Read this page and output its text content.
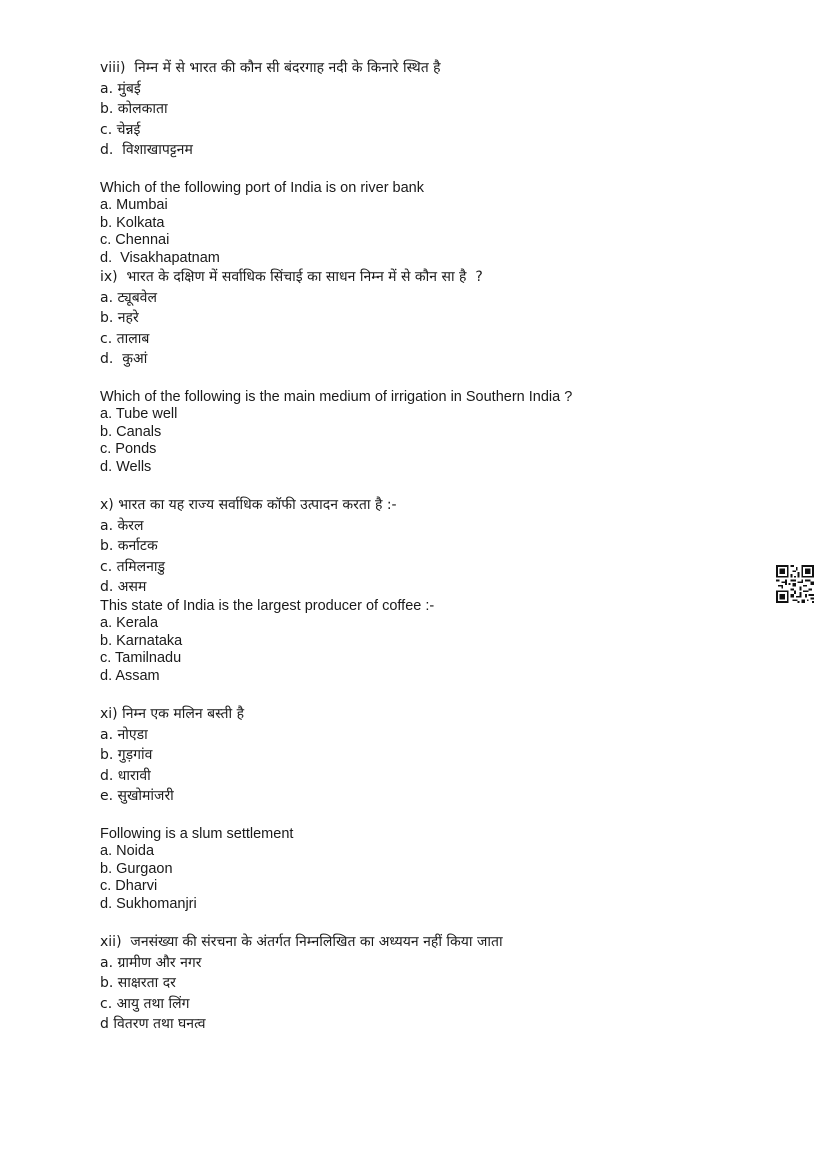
viii)  निम्न में से भारत की कौन सी बंदरगाह नदी के किनारे स्थित है
a. मुंबई
b. कोलकाता
c. चेन्नई
d.  विशाखापट्टनम
Which of the following port of India is on river bank
a. Mumbai
b. Kolkata
c. Chennai
d.  Visakhapatnam
ix)  भारत के दक्षिण में सर्वाधिक सिंचाई का साधन निम्न में से कौन सा है  ?
a. ट्यूबवेल
b. नहरे
c. तालाब
d.  कुआं
Which of the following is the main medium of irrigation in Southern India ?
a. Tube well
b. Canals
c. Ponds
d. Wells
x) भारत का यह राज्य सर्वाधिक कॉफी उत्पादन करता है :-
a. केरल
b. कर्नाटक
c. तमिलनाडु
d. असम
This state of India is the largest producer of coffee :-
a. Kerala
b. Karnataka
c. Tamilnadu
d. Assam
xi) निम्न एक मलिन बस्ती है
a. नोएडा
b. गुड़गांव
d. धारावी
e. सुखोमांजरी
Following is a slum settlement
a. Noida
b. Gurgaon
c. Dharvi
d. Sukhomanjri
xii)  जनसंख्या की संरचना के अंतर्गत निम्नलिखित का अध्ययन नहीं किया जाता
a. ग्रामीण और नगर
b. साक्षरता दर
c. आयु तथा लिंग
d वितरण तथा घनत्व
